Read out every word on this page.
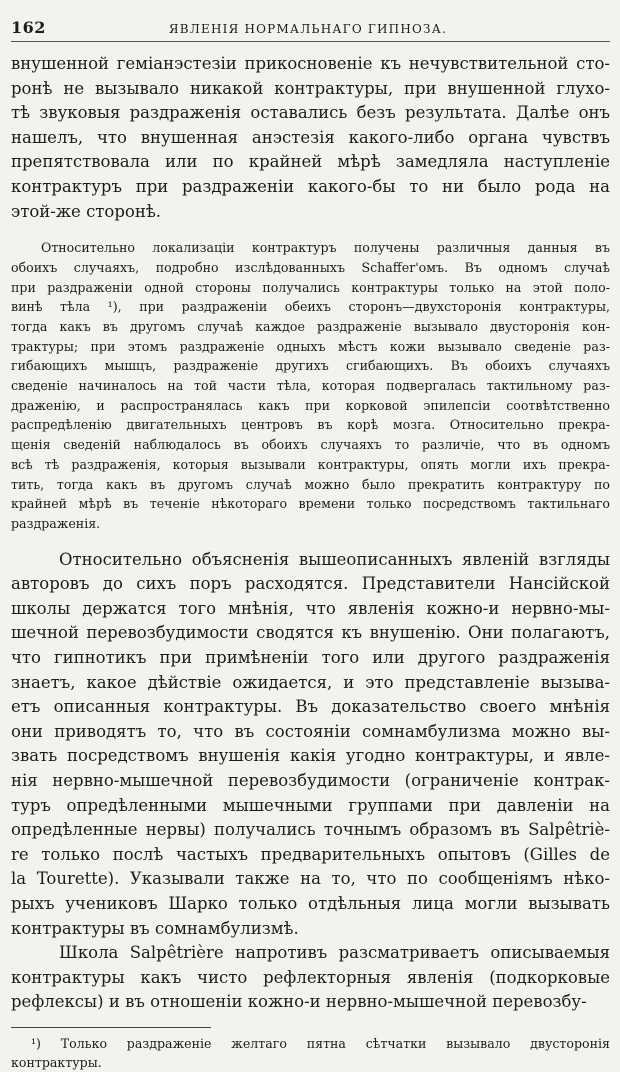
162	ЯВЛЕНІЯ НОРМАЛЬНАГО ГИПНОЗА.
внушенной геміанэстезіи прикосновеніе къ нечувствительной сто-
ронѣ не вызывало никакой контрактуры, при внушенной глухо-
тѣ звуковыя раздраженія оставались безъ результата. Далѣе онъ
нашелъ, что внушенная анэстезія какого-либо органа чувствъ
препятствовала или по крайней мѣрѣ замедляла наступленіе
контрактуръ при раздраженіи какого-бы то ни было рода на
этой-же сторонѣ.
Относительно локализаціи контрактуръ получены различныя данныя въ
обоихъ случаяхъ, подробно изслѣдованныхъ Schaffer'омъ. Въ одномъ случаѣ
при раздраженіи одной стороны получались контрактуры только на этой поло-
винѣ тѣла ¹), при раздраженіи обеихъ сторонъ—двухсторонія контрактуры,
тогда какъ въ другомъ случаѣ каждое раздраженіе вызывало двусторонія кон-
трактуры; при этомъ раздраженіе одныхъ мѣстъ кожи вызывало сведеніе раз-
гибающихъ мышцъ, раздраженіе другихъ сгибающихъ. Въ обоихъ случаяхъ
сведеніе начиналось на той части тѣла, которая подвергалась тактильному раз-
драженію, и распространялась какъ при корковой эпилепсіи соотвѣтственно
распредѣленію двигательныхъ центровъ въ корѣ мозга. Относительно прекра-
щенія сведеній наблюдалось въ обоихъ случаяхъ то различіе, что въ одномъ
всѣ тѣ раздраженія, которыя вызывали контрактуры, опять могли ихъ прекра-
тить, тогда какъ въ другомъ случаѣ можно было прекратить контрактуру по
крайней мѣрѣ въ теченіе нѣкотораго времени только посредствомъ тактильнаго
раздраженія.
Относительно объясненія вышеописанныхъ явленій взгляды
авторовъ до сихъ поръ расходятся. Представители Нансійской
школы держатся того мнѣнія, что явленія кожно-и нервно-мы-
шечной перевозбудимости сводятся къ внушенію. Они полагаютъ,
что гипнотикъ при примѣненіи того или другого раздраженія
знаетъ, какое дѣйствіе ожидается, и это представленіе вызыва-
етъ описанныя контрактуры. Въ доказательство своего мнѣнія
они приводятъ то, что въ состояніи сомнамбулизма можно вы-
звать посредствомъ внушенія какія угодно контрактуры, и явле-
нія нервно-мышечной перевозбудимости (ограниченіе контрак-
туръ опредѣленными мышечными группами при давленіи на
опредѣленные нервы) получались точнымъ образомъ въ Salpêtriè-
re только послѣ частыхъ предварительныхъ опытовъ (Gilles de
la Tourette). Указывали также на то, что по сообщеніямъ нѣко-
рыхъ учениковъ Шарко только отдѣльныя лица могли вызывать
контрактуры въ сомнамбулизмѣ.
Школа Salpêtrière напротивъ разсматриваетъ описываемыя
контрактуры какъ чисто рефлекторныя явленія (подкорковые
рефлексы) и въ отношеніи кожно-и нервно-мышечной перевозбу-
¹) Только раздраженіе желтаго пятна сѣтчатки вызывало двусторонія
контрактуры.
